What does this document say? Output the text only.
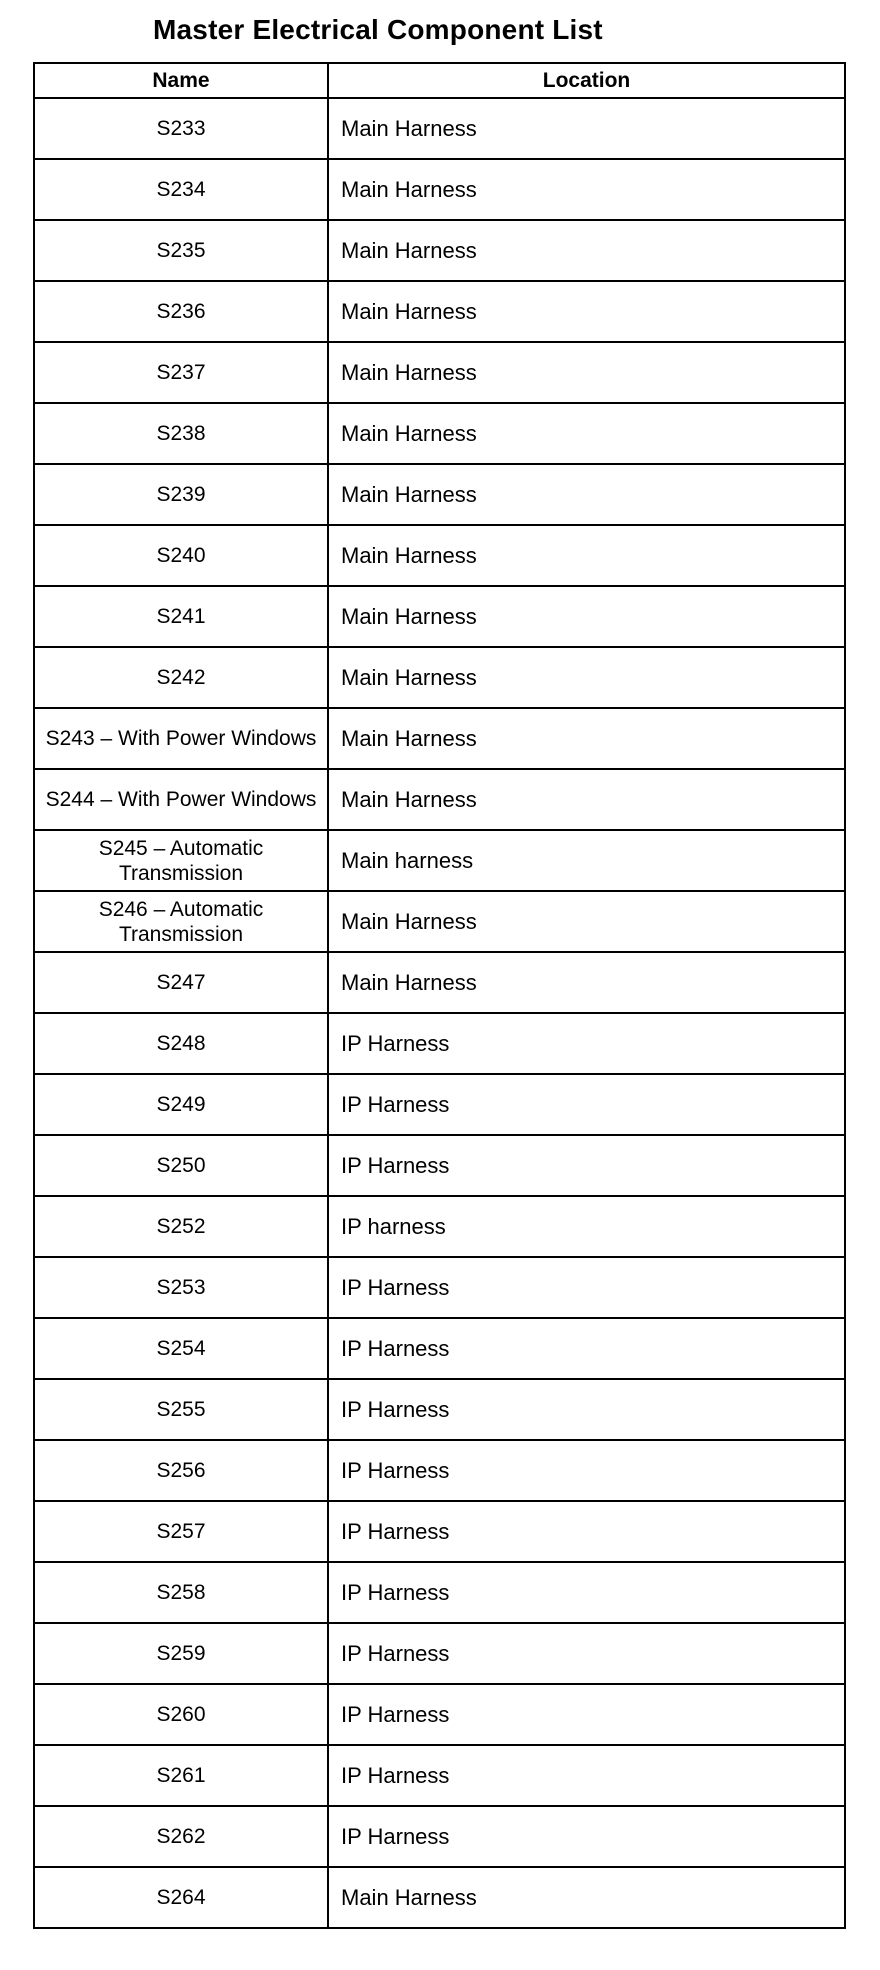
Master Electrical Component List
Name	Location
S233	Main Harness
S234	Main Harness
S235	Main Harness
S236	Main Harness
S237	Main Harness
S238	Main Harness
S239	Main Harness
S240	Main Harness
S241	Main Harness
S242	Main Harness
S243 – With Power Windows	Main Harness
S244 – With Power Windows	Main Harness
S245 – Automatic Transmission	Main harness
S246 – Automatic Transmission	Main Harness
S247	Main Harness
S248	IP Harness
S249	IP Harness
S250	IP Harness
S252	IP harness
S253	IP Harness
S254	IP Harness
S255	IP Harness
S256	IP Harness
S257	IP Harness
S258	IP Harness
S259	IP Harness
S260	IP Harness
S261	IP Harness
S262	IP Harness
S264	Main Harness
